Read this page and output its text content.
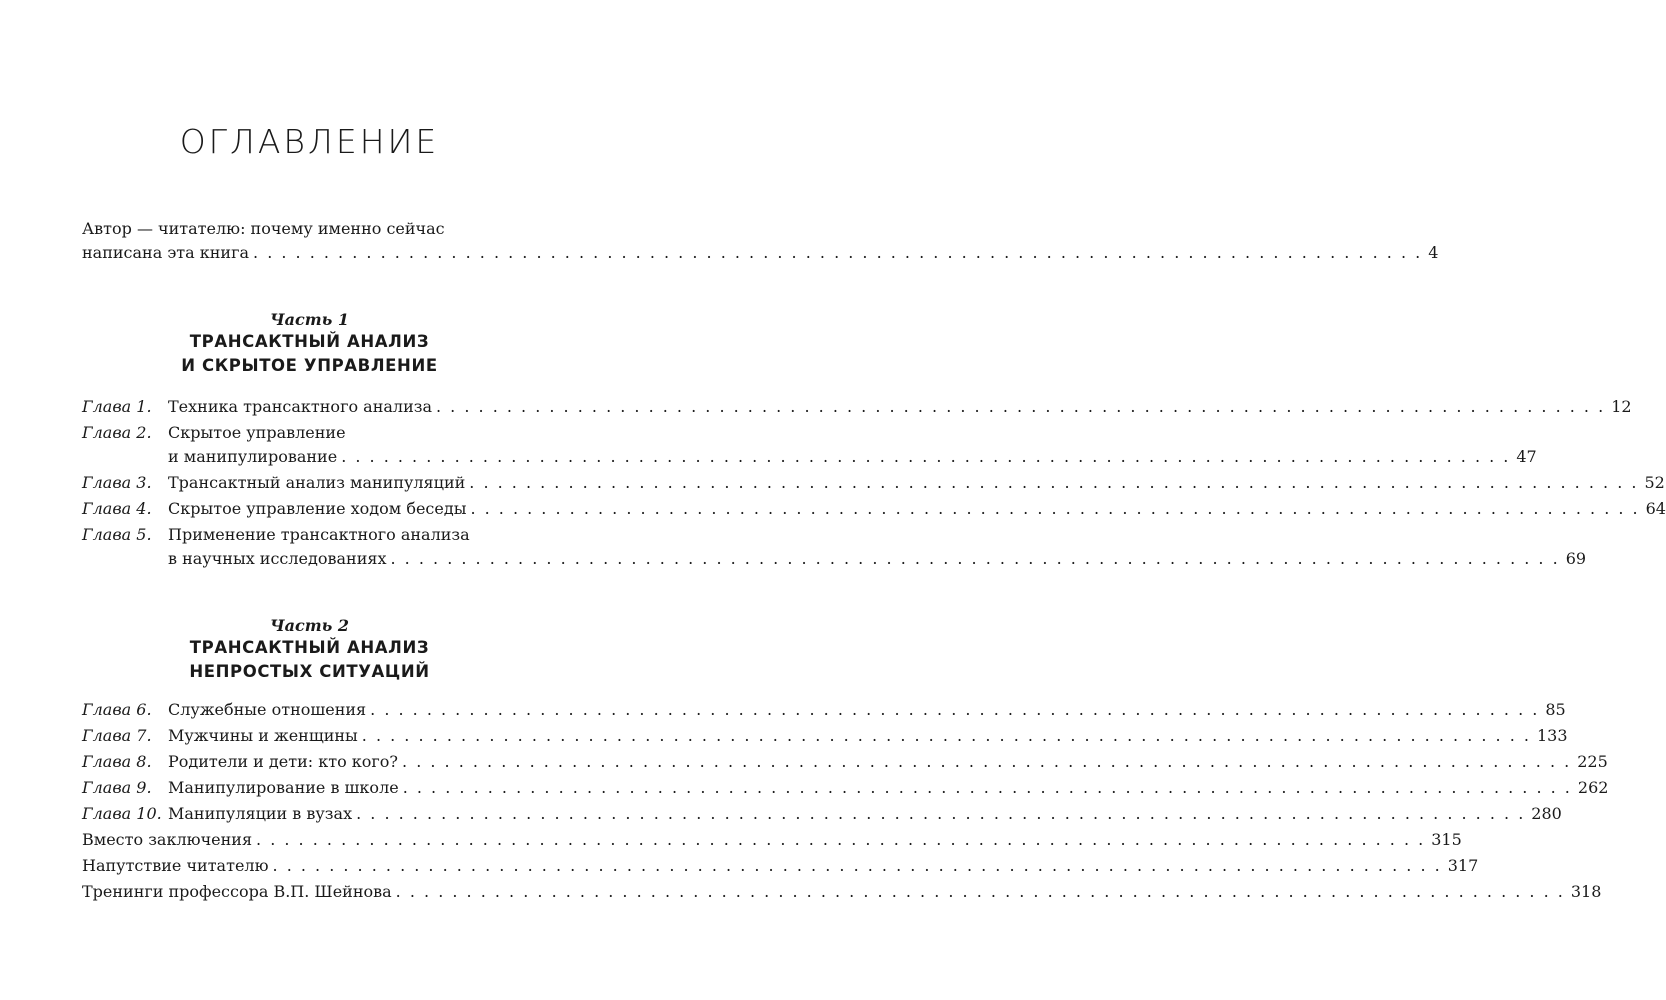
ОГЛАВЛЕНИЕ
Автор — читателю: почему именно сейчас
написана эта книга . . .	4
Часть 1
ТРАНСАКТНЫЙ АНАЛИЗ
И СКРЫТОЕ УПРАВЛЕНИЕ
Глава 1.	Техника трансактного анализа . . .	12
Глава 2.	Скрытое управление
и манипулирование . . .	47
Глава 3.	Трансактный анализ манипуляций . . .	52
Глава 4.	Скрытое управление ходом беседы . . .	64
Глава 5.	Применение трансактного анализа
в научных исследованиях . . .	69
Часть 2
ТРАНСАКТНЫЙ АНАЛИЗ
НЕПРОСТЫХ СИТУАЦИЙ
Глава 6.	Служебные отношения . . .	85
Глава 7.	Мужчины и женщины . . .	133
Глава 8.	Родители и дети: кто кого? . . .	225
Глава 9.	Манипулирование в школе . . .	262
Глава 10. Манипуляции в вузах . . .	280
Вместо заключения . . .	315
Напутствие читателю . . .	317
Тренинги профессора В.П. Шейнова . . .	318
